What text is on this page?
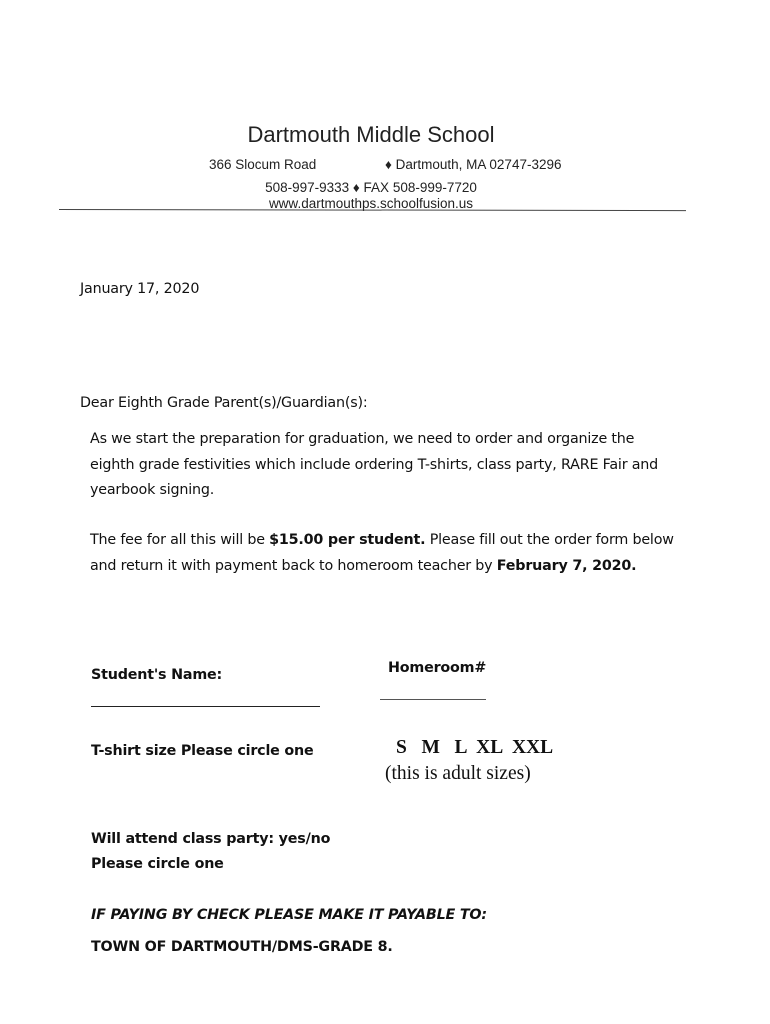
Dartmouth Middle School
366 Slocum Road	♦ Dartmouth, MA 02747-3296
508-997-9333 ♦ FAX 508-999-7720
www.dartmouthps.schoolfusion.us
January 17, 2020
Dear Eighth Grade Parent(s)/Guardian(s):
As we start the preparation for graduation, we need to order and organize the
eighth grade festivities which include ordering T-shirts, class party, RARE Fair and
yearbook signing.
The fee for all this will be $15.00 per student. Please fill out the order form below
and return it with payment back to homeroom teacher by February 7, 2020.
Student's Name:	Homeroom#
T-shirt size Please circle one	S   M   L  XL  XXL
(this is adult sizes)
Will attend class party: yes/no
Please circle one
IF PAYING BY CHECK PLEASE MAKE IT PAYABLE TO:
TOWN OF DARTMOUTH/DMS-GRADE 8.
